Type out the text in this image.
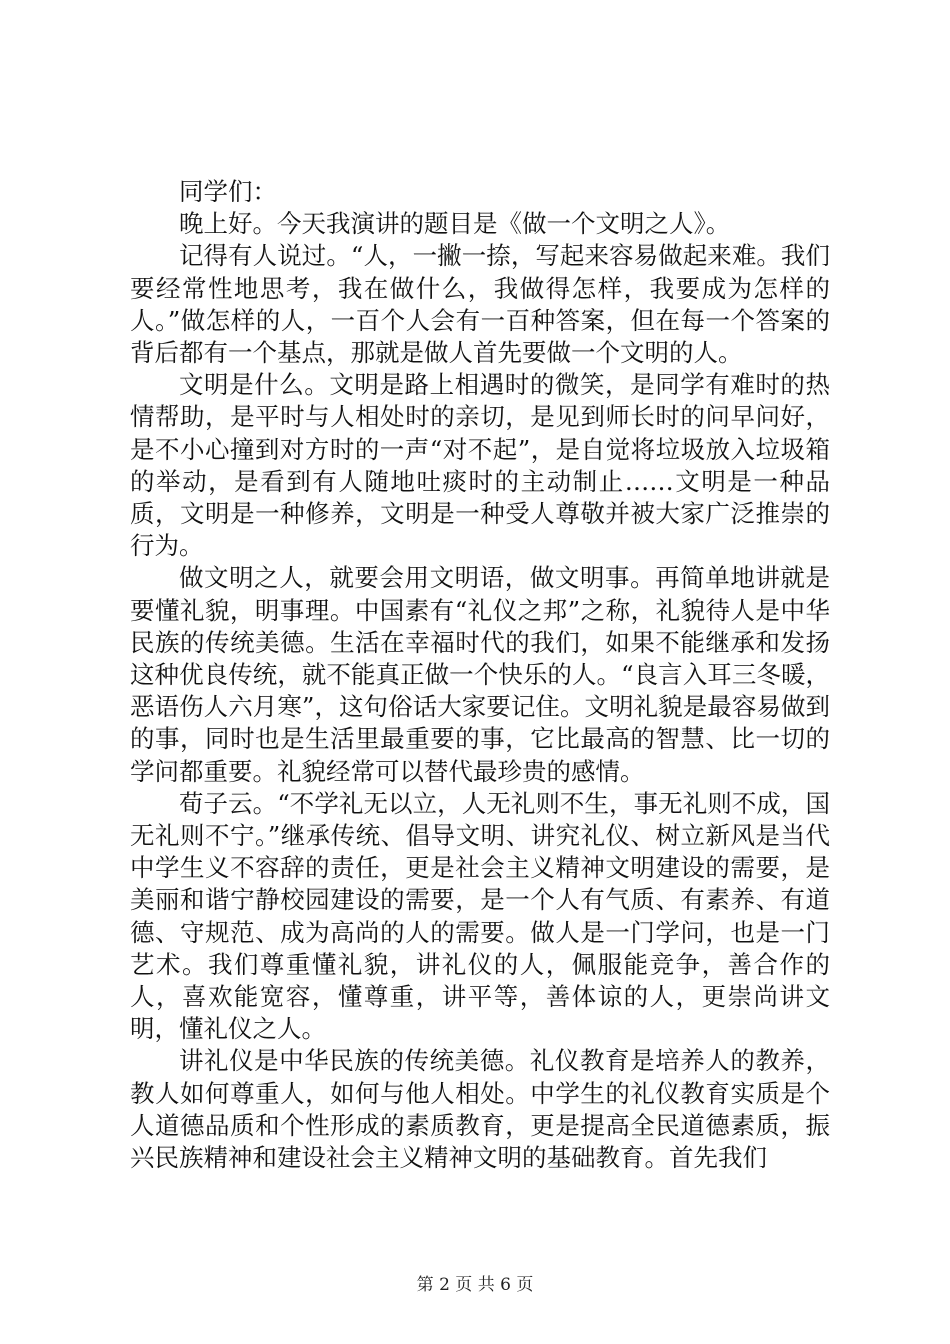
同学们：

晚上好。今天我演讲的题目是《做一个文明之人》。

记得有人说过。“人，一撇一捺，写起来容易做起来难。我们要经常性地思考，我在做什么，我做得怎样，我要成为怎样的人。”做怎样的人，一百个人会有一百种答案，但在每一个答案的背后都有一个基点，那就是做人首先要做一个文明的人。

文明是什么。文明是路上相遇时的微笑，是同学有难时的热情帮助，是平时与人相处时的亲切，是见到师长时的问早问好，是不小心撞到对方时的一声“对不起”，是自觉将垃圾放入垃圾箱的举动，是看到有人随地吐痰时的主动制止……文明是一种品质，文明是一种修养，文明是一种受人尊敬并被大家广泛推崇的行为。

做文明之人，就要会用文明语，做文明事。再简单地讲就是要懂礼貌，明事理。中国素有“礼仪之邦”之称，礼貌待人是中华民族的传统美德。生活在幸福时代的我们，如果不能继承和发扬这种优良传统，就不能真正做一个快乐的人。“良言入耳三冬暖，恶语伤人六月寒”，这句俗话大家要记住。文明礼貌是最容易做到的事，同时也是生活里最重要的事，它比最高的智慧、比一切的学问都重要。礼貌经常可以替代最珍贵的感情。

荀子云。“不学礼无以立，人无礼则不生，事无礼则不成，国无礼则不宁。”继承传统、倡导文明、讲究礼仪、树立新风是当代中学生义不容辞的责任，更是社会主义精神文明建设的需要，是美丽和谐宁静校园建设的需要，是一个人有气质、有素养、有道德、守规范、成为高尚的人的需要。做人是一门学问，也是一门艺术。我们尊重懂礼貌，讲礼仪的人，佩服能竞争，善合作的人，喜欢能宽容，懂尊重，讲平等，善体谅的人，更崇尚讲文明，懂礼仪之人。

讲礼仪是中华民族的传统美德。礼仪教育是培养人的教养，教人如何尊重人，如何与他人相处。中学生的礼仪教育实质是个人道德品质和个性形成的素质教育，更是提高全民道德素质，振兴民族精神和建设社会主义精神文明的基础教育。首先我们

第 2 页 共 6 页
